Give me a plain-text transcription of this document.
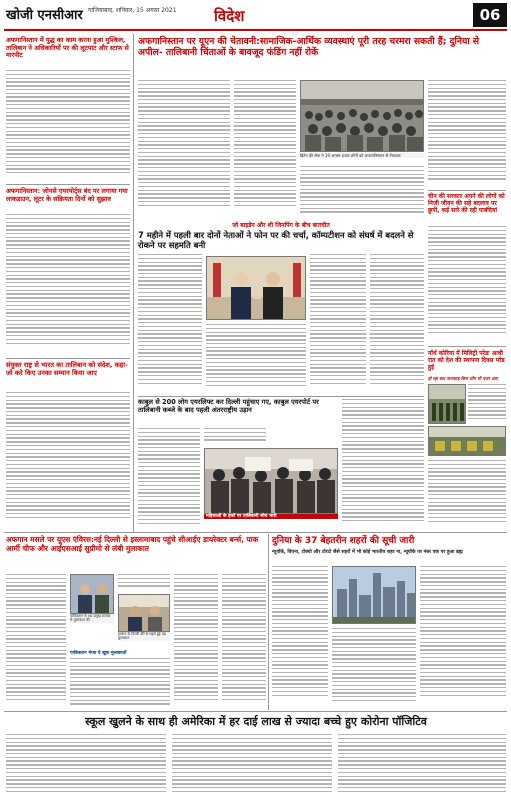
खोजी एनसीआर गाजियाबाद, शनिवार, 15 अगस्त 2021	विदेश	06
अफगानिस्तान में युद्ध का काम करना हुआ मुश्किल, तालिबान ने अधिकारियों पर की लूटपाट और स्टाफ से मारपीट
अफगानिस्तान: जोनसे एयरपोर्ट्स बंद पर लगाया गया लाकडाउन, लूटर के सक्रियता दिनों को सुझाव
संयुक्त राष्ट्र से भारत का तालिबान को संदेश, कहा- जो करे किए उनका सम्मान किया जाए
अफगानिस्तान पर यूएन की चेतावनी:सामाजिक-आर्थिक व्यवस्थाएं पूरी तरह चरमरा सकती हैं; दुनिया से अपील- तालिबानी चिंताओं के बावजूद फंडिंग नहीं रोकें
ब्रिटेन की सेना ने 10 अगस्त हजार लोगों को अफगानिस्तान से निकाला
चीन की सरकार अपने की लोगों को निजी जीवन की सहे बदलाव पर छुपी, कई सारे की रही पाबंदियां
जो बाइडेन और शी जिनपिंग के बीच बातचीत
7 महीने में पहली बार दोनों नेताओं ने फोन पर की चर्चा, कॉम्पटीशन को संघर्ष में बदलने से रोकने पर सहमति बनी
काबुल से 200 लोग एयरलिफ्ट कर दिल्ली पहुंचाए गए, काबुल एयरपोर्ट पर तालिबानी कब्जे के बाद पहली अंतरराष्ट्रीय उड़ान
महिलाओं के हकों पर तालिबानी सोच भारी
नॉर्थ कोरिया में मिलिट्री परेडः आधी रात को देश की स्थापना दिवस परेड हुई
हो रहा बाद तानाशाह किम जोंग भी नजर आए
अफगान मसले पर यूएस एंविरस:नई दिल्ली से इस्लामाबाद पहुंचे सीआईए डायरेक्टर बर्न्स, पाक आर्मी चीफ और आईएसआई सुप्रीमो से लंबी मुलाकात
पाकिस्तान के ISI प्रमुख बाजवा से मुलाकात की
इमरान के दिल्ली दौरे से पहले हुई यह मुलाकात
पाकिस्तान भेजा ये खुफ़ मुलाकातों
दुनिया के 37 बेहतरीन शहरों की सूची जारी
न्यूयॉर्क, वियना, टोक्यो और टोरंटो जैसे शहरों में भी कोई भारतीय शहर ना, न्यूयॉर्क पर नंबर एक पर हुआ ब्रह्म
स्कूल खुलने के साथ ही अमेरिका में हर दाई लाख से ज्यादा बच्चे हुए कोरोना पॉजिटिव
